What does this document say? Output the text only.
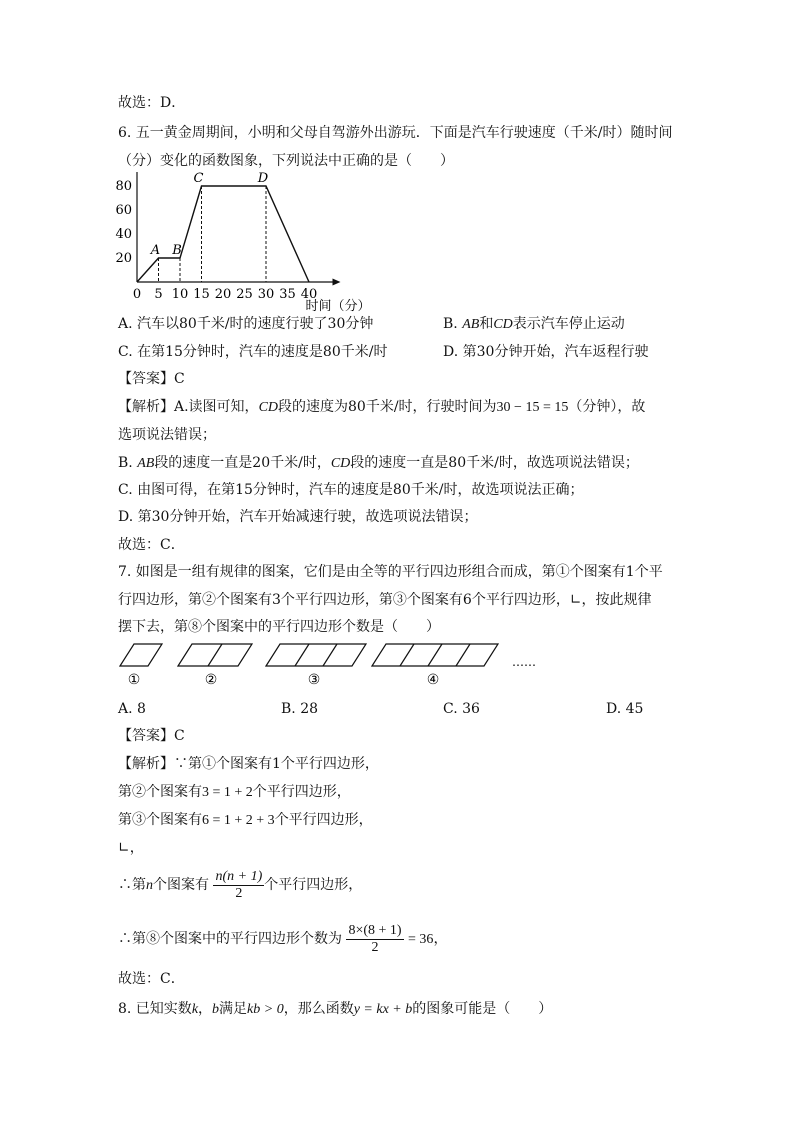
故选：D．
6. 五一黄金周期间，小明和父母自驾游外出游玩．下面是汽车行驶速度（千米/时）随时间
（分）变化的函数图象，下列说法中正确的是（　　）
时间（分）
0 5 10 15 20 25 30 35 40
20
40
60
80
A B
C	D
A. 汽车以80千米/时的速度行驶了30分钟	B. AB和CD表示汽车停止运动
C. 在第15分钟时，汽车的速度是80千米/时	D. 第30分钟开始，汽车返程行驶
【答案】C
【解析】A.读图可知，CD段的速度为80千米/时，行驶时间为30 − 15 = 15（分钟），故
选项说法错误；
B. AB段的速度一直是20千米/时，CD段的速度一直是80千米/时，故选项说法错误；
C. 由图可得，在第15分钟时，汽车的速度是80千米/时，故选项说法正确；
D. 第30分钟开始，汽车开始减速行驶，故选项说法错误；
故选：C．
7. 如图是一组有规律的图案，它们是由全等的平行四边形组合而成，第①个图案有1个平
行四边形，第②个图案有3个平行四边形，第③个图案有6个平行四边形，∟，按此规律
摆下去，第⑧个图案中的平行四边形个数是（　　）
……
①	②	③	④
A. 8	B. 28	C. 36	D. 45
【答案】C
【解析】∵第①个图案有1个平行四边形，
第②个图案有3 = 1 + 2个平行四边形，
第③个图案有6 = 1 + 2 + 3个平行四边形，
∟，
∴第n个图案有 $\frac{n(n + 1)}{2}$ 个平行四边形，
∴第⑧个图案中的平行四边形个数为 $\frac{8\times(8 + 1)}{2} = 36$，
故选：C．
8. 已知实数k，b满足kb > 0，那么函数y = kx + b的图象可能是（　　）
